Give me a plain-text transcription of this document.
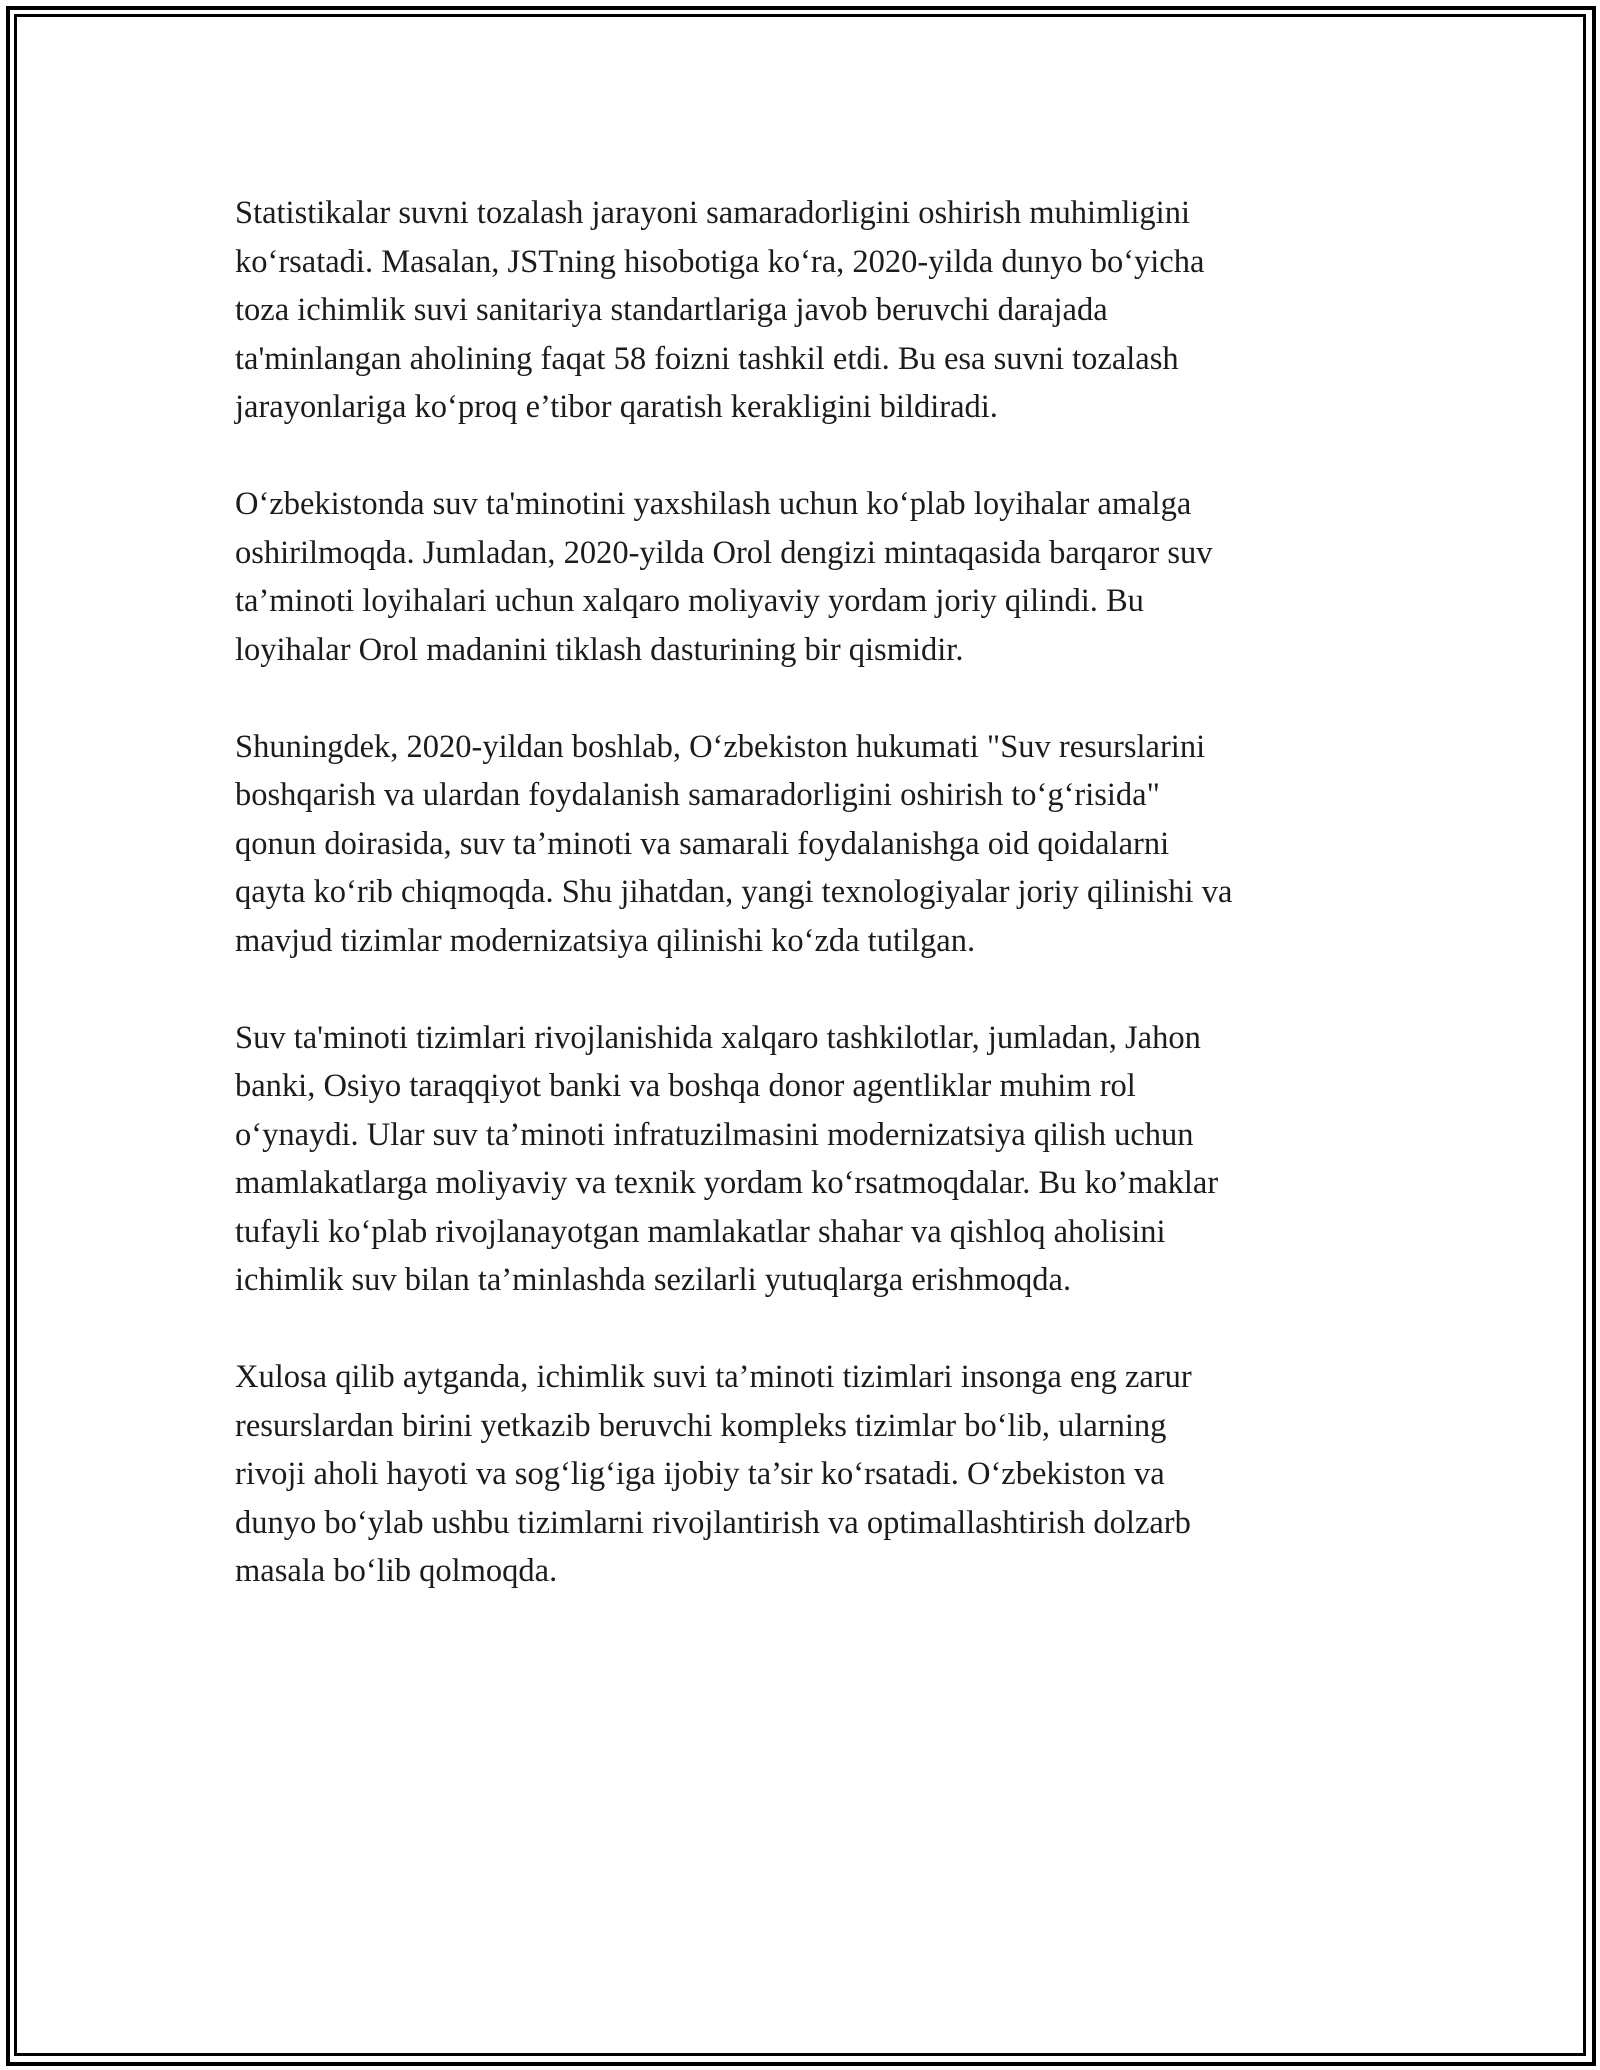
Statistikalar suvni tozalash jarayoni samaradorligini oshirish muhimligini
ko‘rsatadi. Masalan, JSTning hisobotiga ko‘ra, 2020-yilda dunyo bo‘yicha
toza ichimlik suvi sanitariya standartlariga javob beruvchi darajada
ta'minlangan aholining faqat 58 foizni tashkil etdi. Bu esa suvni tozalash
jarayonlariga ko‘proq e’tibor qaratish kerakligini bildiradi.

O‘zbekistonda suv ta'minotini yaxshilash uchun ko‘plab loyihalar amalga
oshirilmoqda. Jumladan, 2020-yilda Orol dengizi mintaqasida barqaror suv
ta’minoti loyihalari uchun xalqaro moliyaviy yordam joriy qilindi. Bu
loyihalar Orol madanini tiklash dasturining bir qismidir.

Shuningdek, 2020-yildan boshlab, O‘zbekiston hukumati "Suv resurslarini
boshqarish va ulardan foydalanish samaradorligini oshirish to‘g‘risida"
qonun doirasida, suv ta’minoti va samarali foydalanishga oid qoidalarni
qayta ko‘rib chiqmoqda. Shu jihatdan, yangi texnologiyalar joriy qilinishi va
mavjud tizimlar modernizatsiya qilinishi ko‘zda tutilgan.

Suv ta'minoti tizimlari rivojlanishida xalqaro tashkilotlar, jumladan, Jahon
banki, Osiyo taraqqiyot banki va boshqa donor agentliklar muhim rol
o‘ynaydi. Ular suv ta’minoti infratuzilmasini modernizatsiya qilish uchun
mamlakatlarga moliyaviy va texnik yordam ko‘rsatmoqdalar. Bu ko’maklar
tufayli ko‘plab rivojlanayotgan mamlakatlar shahar va qishloq aholisini
ichimlik suv bilan ta’minlashda sezilarli yutuqlarga erishmoqda.

Xulosa qilib aytganda, ichimlik suvi ta’minoti tizimlari insonga eng zarur
resurslardan birini yetkazib beruvchi kompleks tizimlar bo‘lib, ularning
rivoji aholi hayoti va sog‘lig‘iga ijobiy ta’sir ko‘rsatadi. O‘zbekiston va
dunyo bo‘ylab ushbu tizimlarni rivojlantirish va optimallashtirish dolzarb
masala bo‘lib qolmoqda.
